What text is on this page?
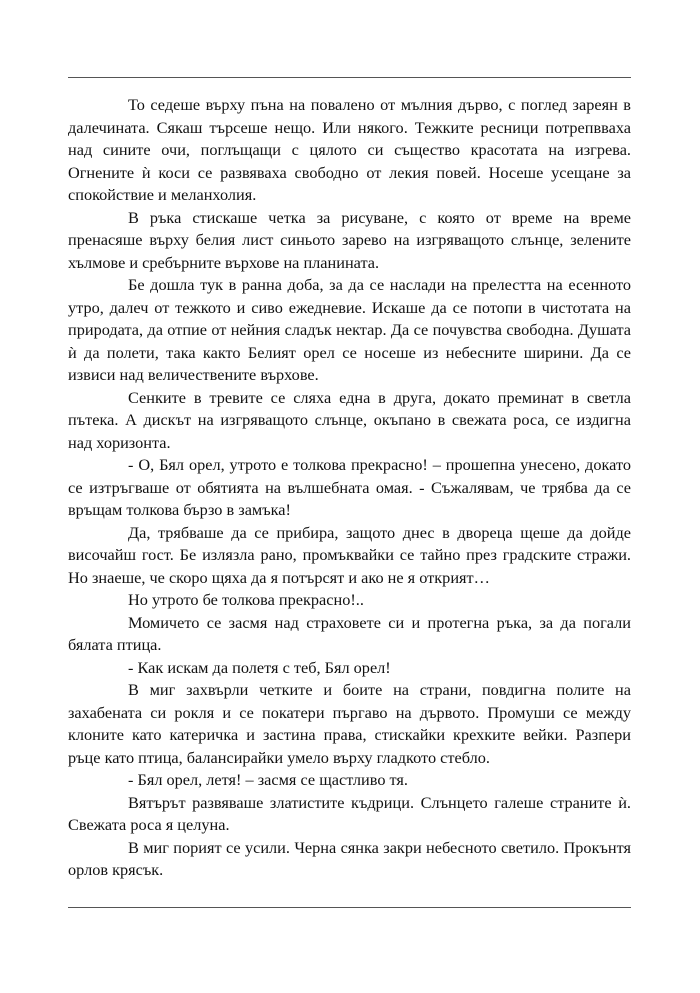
То седеше върху пъна на повалено от мълния дърво, с поглед зареян в далечината. Сякаш търсеше нещо. Или някого. Тежките ресници потрепвваха над сините очи, поглъщащи с цялото си същество красотата на изгрева. Огнените ѝ коси се развяваха свободно от лекия повей. Носеше усещане за спокойствие и меланхолия.

В ръка стискаше четка за рисуване, с която от време на време пренасяше върху белия лист синьото зарево на изгряващото слънце, зелените хълмове и сребърните върхове на планината.

Бе дошла тук в ранна доба, за да се наслади на прелестта на есенното утро, далеч от тежкото и сиво ежедневие. Искаше да се потопи в чистотата на природата, да отпие от нейния сладък нектар. Да се почувства свободна. Душата ѝ да полети, така както Белият орел се носеше из небесните ширини. Да се извиси над величествените върхове.

Сенките в тревите се сляха една в друга, докато преминат в светла пътека. А дискът на изгряващото слънце, окъпано в свежата роса, се издигна над хоризонта.

- О, Бял орел, утрото е толкова прекрасно! – прошепна унесено, докато се изтръгваше от обятията на вълшебната омая. - Съжалявам, че трябва да се връщам толкова бързо в замъка!

Да, трябваше да се прибира, защото днес в двореца щеше да дойде височайш гост. Бе излязла рано, промъквайки се тайно през градските стражи. Но знаеше, че скоро щяха да я потърсят и ако не я открият…

Но утрото бе толкова прекрасно!..

Момичето се засмя над страховете си и протегна ръка, за да погали бялата птица.

- Как искам да полетя с теб, Бял орел!

В миг захвърли четките и боите на страни, повдигна полите на захабената си рокля и се покатери пъргаво на дървото. Промуши се между клоните като катеричка и застина права, стискайки крехките вейки. Разпери ръце като птица, балансирайки умело върху гладкото стебло.

- Бял орел, летя! – засмя се щастливо тя.

Вятърът развяваше златистите къдрици. Слънцето галеше страните ѝ. Свежата роса я целуна.

В миг порият се усили. Черна сянка закри небесното светило. Прокънтя орлов крясък.
